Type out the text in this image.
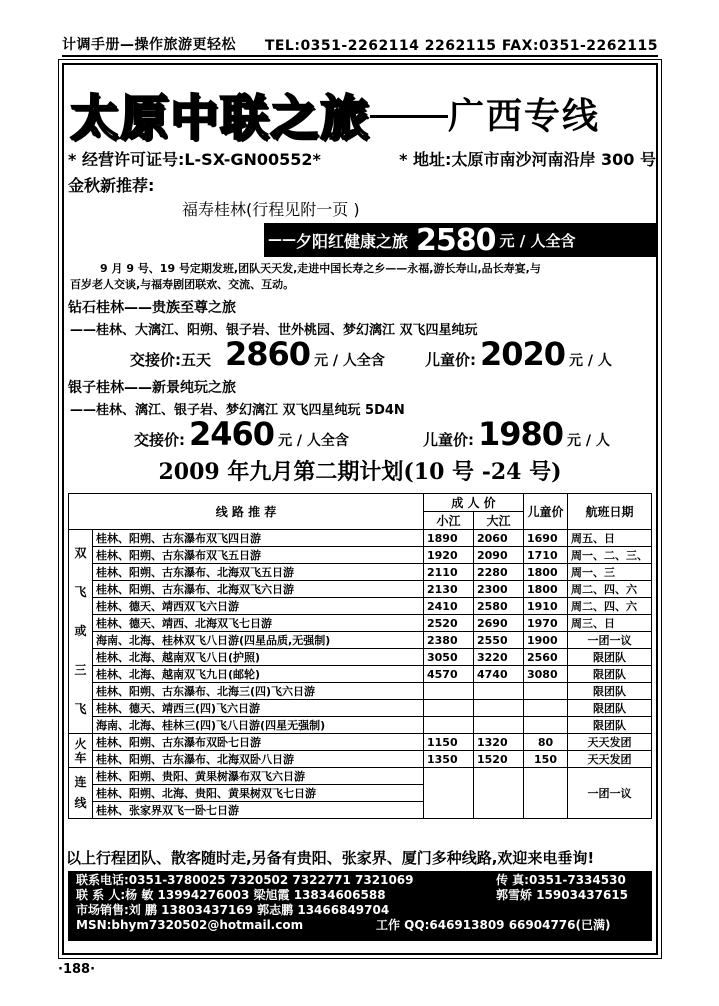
计调手册—操作旅游更轻松 TEL:0351-2262114 2262115 FAX:0351-2262115
太原中联之旅 广西专线
* 经营许可证号:L-SX-GN00552*	* 地址:太原市南沙河南沿岸 300 号
金秋新推荐:
福寿桂林(行程见附一页 )
—— 夕阳红健康之旅 2580 元 / 人全含
9 月 9 号、19 号定期发班,团队天天发,走进中国长寿之乡——永福,游长寿山,品长寿宴,与
百岁老人交谈,与福寿剧团联欢、交流、互动。
钻石桂林——贵族至尊之旅
——桂林、大漓江、阳朔、银子岩、世外桃园、梦幻漓江 双飞四星纯玩
交接价:五天 2860 元 / 人全含	儿童价: 2020 元 / 人
银子桂林——新景纯玩之旅
——桂林、漓江、银子岩、梦幻漓江 双飞四星纯玩 5D4N
交接价: 2460 元 / 人全含	儿童价: 1980 元 / 人
2009 年九月第二期计划(10 号 -24 号)
线 路 推 荐		成 人 价		儿童价	航班日期
		小江	大江		

双
飞
或
三
飞	桂林、阳朔、古东瀑布双飞四日游	1890	2060	1690	周五、日
	桂林、阳朔、古东瀑布双飞五日游	1920	2090	1710	周一、二、三、
	桂林、阳朔、古东瀑布、北海双飞五日游	2110	2280	1800	周一、三
	桂林、阳朔、古东瀑布、北海双飞六日游	2130	2300	1800	周二、四、六
	桂林、德天、靖西双飞六日游	2410	2580	1910	周二、四、六
	桂林、德天、靖西、北海双飞七日游	2520	2690	1970	周三、日
	海南、北海、桂林双飞八日游(四星品质,无强制)	2380	2550	1900	一团一议
	桂林、北海、越南双飞八日(护照)	3050	3220	2560	限团队
	桂林、北海、越南双飞九日(邮轮)	4570	4740	3080	限团队
	桂林、阳朔、古东瀑布、北海三(四)飞六日游				限团队
	桂林、德天、靖西三(四)飞六日游				限团队
	海南、北海、桂林三(四)飞八日游(四星无强制)				限团队

火
车	桂林、阳朔、古东瀑布双卧七日游	1150	1320	80	天天发团
	桂林、阳朔、古东瀑布、北海双卧八日游	1350	1520	150	天天发团

连
线	桂林、阳朔、贵阳、黄果树瀑布双飞六日游				一团一议
	桂林、阳朔、北海、贵阳、黄果树双飞七日游				
	桂林、张家界双飞一卧七日游				
以上行程团队、散客随时走,另备有贵阳、张家界、厦门多种线路,欢迎来电垂询!
联系电话:0351-3780025 7320502 7322771 7321069	传 真:0351-7334530
联 系 人:杨 敏 13994276003 梁旭霞 13834606588	郭雪娇 15903437615
市场销售:刘 鹏 13803437169 郭志鹏 13466849704
MSN:bhym7320502@hotmail.com	工作 QQ:646913809 66904776(已满)
·188·
